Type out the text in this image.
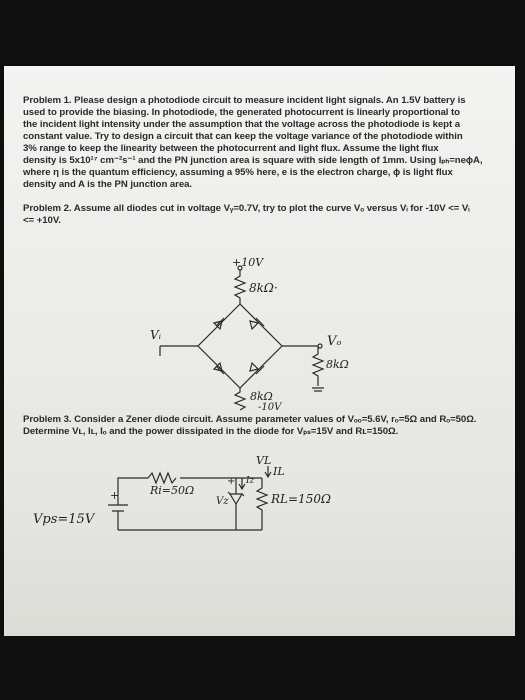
Problem 1. Please design a photodiode circuit to measure incident light signals. An 1.5V battery is
used to provide the biasing. In photodiode, the generated photocurrent is linearly proportional to
the incident light intensity under the assumption that the voltage across the photodiode is kept a
constant value. Try to design a circuit that can keep the voltage variance of the photodiode within
3% range to keep the linearity between the photocurrent and light flux. Assume the light flux
density is 5x10¹⁷ cm⁻²s⁻¹ and the PN junction area is square with side length of 1mm. Using Iₚₕ=neϕA,
where η is the quantum efficiency, assuming a 95% here, e is the electron charge, ϕ is light flux
density and A is the PN junction area.
Problem 2. Assume all diodes cut in voltage Vᵧ=0.7V, try to plot the curve Vₒ versus Vᵢ for -10V <= Vᵢ
<= +10V.
+10V
8kΩ·
Vᵢ	Vₒ
8kΩ
8kΩ
-10V
Problem 3. Consider a Zener diode circuit. Assume parameter values of Vₒₒ=5.6V, rₒ=5Ω and Rₒ=50Ω.
Determine Vʟ, Iʟ, Iₒ and the power dissipated in the diode for Vₚₛ=15V and Rʟ=150Ω.
Vps=15V
+	Ri=50Ω
+ Iz
Vz
VL
IL
RL=150Ω
